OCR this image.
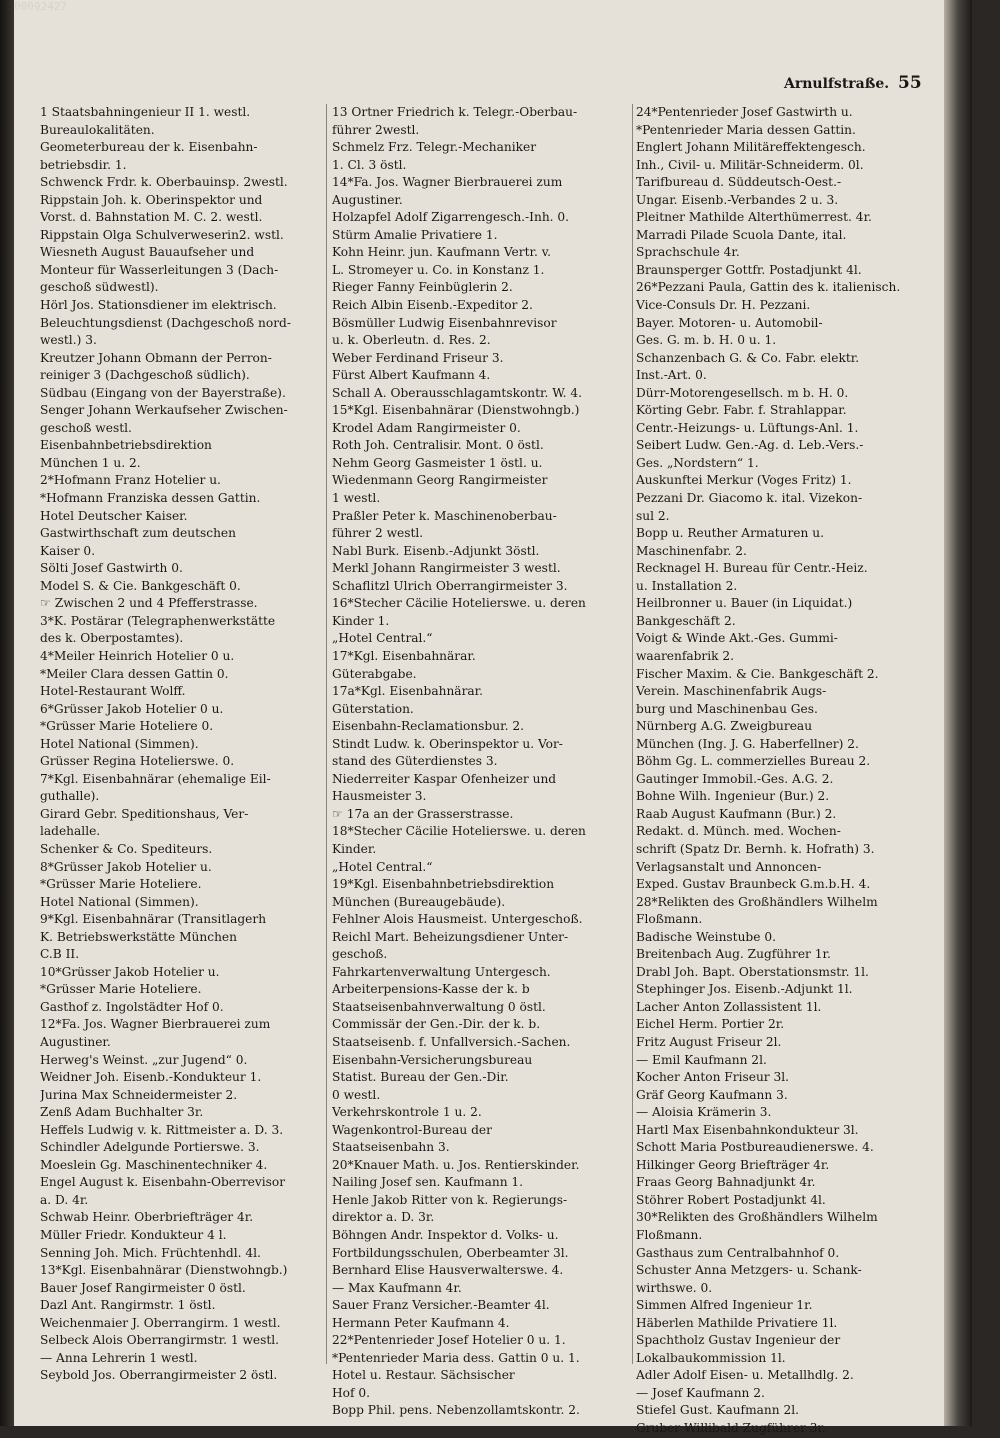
00092427
Arnulfstraße. 55

1 Staatsbahningenieur II 1. westl.

Bureaulokalitäten.

Geometerbureau der k. Eisenbahn-

betriebsdir. 1.

Schwenck Frdr. k. Oberbauinsp. 2westl.

Rippstain Joh. k. Oberinspektor und

Vorst. d. Bahnstation M. C. 2. westl.

Rippstain Olga Schulverweserin2. wstl.

Wiesneth August Bauaufseher und

Monteur für Wasserleitungen 3 (Dach-

geschoß südwestl).

Hörl Jos. Stationsdiener im elektrisch.

Beleuchtungsdienst (Dachgeschoß nord-

westl.) 3.

Kreutzer Johann Obmann der Perron-

reiniger 3 (Dachgeschoß südlich).

Südbau (Eingang von der Bayerstraße).

Senger Johann Werkaufseher Zwischen-

geschoß westl.

Eisenbahnbetriebsdirektion

München 1 u. 2.

2*Hofmann Franz Hotelier u.

*Hofmann Franziska dessen Gattin.

Hotel Deutscher Kaiser.

Gastwirthschaft zum deutschen

Kaiser 0.

Sölti Josef Gastwirth 0.

Model S. & Cie. Bankgeschäft 0.

☞ Zwischen 2 und 4 Pfefferstrasse.

3*K. Postärar (Telegraphenwerkstätte

des k. Oberpostamtes).

4*Meiler Heinrich Hotelier 0 u.

*Meiler Clara dessen Gattin 0.

Hotel-Restaurant Wolff.

6*Grüsser Jakob Hotelier 0 u.

*Grüsser Marie Hoteliere 0.

Hotel National (Simmen).

Grüsser Regina Hotelierswe. 0.

7*Kgl. Eisenbahnärar (ehemalige Eil-

guthalle).

Girard Gebr. Speditionshaus, Ver-

ladehalle.

Schenker & Co. Spediteurs.

8*Grüsser Jakob Hotelier u.

*Grüsser Marie Hoteliere.

Hotel National (Simmen).

9*Kgl. Eisenbahnärar (Transitlagerh

K. Betriebswerkstätte München

C.B II.

10*Grüsser Jakob Hotelier u.

*Grüsser Marie Hoteliere.

Gasthof z. Ingolstädter Hof 0.

12*Fa. Jos. Wagner Bierbrauerei zum

Augustiner.

Herweg's Weinst. „zur Jugend“ 0.

Weidner Joh. Eisenb.-Kondukteur 1.

Jurina Max Schneidermeister 2.

Zenß Adam Buchhalter 3r.

Heffels Ludwig v. k. Rittmeister a. D. 3.

Schindler Adelgunde Portierswe. 3.

Moeslein Gg. Maschinentechniker 4.

Engel August k. Eisenbahn-Oberrevisor

a. D. 4r.

Schwab Heinr. Oberbriefträger 4r.

Müller Friedr. Kondukteur 4 l.

Senning Joh. Mich. Früchtenhdl. 4l.

13*Kgl. Eisenbahnärar (Dienstwohngb.)

Bauer Josef Rangirmeister 0 östl.

Dazl Ant. Rangirmstr. 1 östl.

Weichenmaier J. Oberrangirm. 1 westl.

Selbeck Alois Oberrangirmstr. 1 westl.

— Anna Lehrerin 1 westl.

Seybold Jos. Oberrangirmeister 2 östl.

13 Ortner Friedrich k. Telegr.-Oberbau-

führer 2westl.

Schmelz Frz. Telegr.-Mechaniker

1. Cl. 3 östl.

14*Fa. Jos. Wagner Bierbrauerei zum

Augustiner.

Holzapfel Adolf Zigarrengesch.-Inh. 0.

Stürm Amalie Privatiere 1.

Kohn Heinr. jun. Kaufmann Vertr. v.

L. Stromeyer u. Co. in Konstanz 1.

Rieger Fanny Feinbüglerin 2.

Reich Albin Eisenb.-Expeditor 2.

Bösmüller Ludwig Eisenbahnrevisor

u. k. Oberleutn. d. Res. 2.

Weber Ferdinand Friseur 3.

Fürst Albert Kaufmann 4.

Schall A. Oberausschlagamtskontr. W. 4.

15*Kgl. Eisenbahnärar (Dienstwohngb.)

Krodel Adam Rangirmeister 0.

Roth Joh. Centralisir. Mont. 0 östl.

Nehm Georg Gasmeister 1 östl. u.

Wiedenmann Georg Rangirmeister

1 westl.

Praßler Peter k. Maschinenoberbau-

führer 2 westl.

Nabl Burk. Eisenb.-Adjunkt 3östl.

Merkl Johann Rangirmeister 3 westl.

Schaflitzl Ulrich Oberrangirmeister 3.

16*Stecher Cäcilie Hotelierswe. u. deren

Kinder 1.

„Hotel Central.“

17*Kgl. Eisenbahnärar.

Güterabgabe.

17a*Kgl. Eisenbahnärar.

Güterstation.

Eisenbahn-Reclamationsbur. 2.

Stindt Ludw. k. Oberinspektor u. Vor-

stand des Güterdienstes 3.

Niederreiter Kaspar Ofenheizer und

Hausmeister 3.

☞ 17a an der Grasserstrasse.

18*Stecher Cäcilie Hotelierswe. u. deren

Kinder.

„Hotel Central.“

19*Kgl. Eisenbahnbetriebsdirektion

München (Bureaugebäude).

Fehlner Alois Hausmeist. Untergeschoß.

Reichl Mart. Beheizungsdiener Unter-

geschoß.

Fahrkartenverwaltung Untergesch.

Arbeiterpensions-Kasse der k. b

Staatseisenbahnverwaltung 0 östl.

Commissär der Gen.-Dir. der k. b.

Staatseisenb. f. Unfallversich.-Sachen.

Eisenbahn-Versicherungsbureau

Statist. Bureau der Gen.-Dir.

0 westl.

Verkehrskontrole 1 u. 2.

Wagenkontrol-Bureau der

Staatseisenbahn 3.

20*Knauer Math. u. Jos. Rentierskinder.

Nailing Josef sen. Kaufmann 1.

Henle Jakob Ritter von k. Regierungs-

direktor a. D. 3r.

Böhngen Andr. Inspektor d. Volks- u.

Fortbildungsschulen, Oberbeamter 3l.

Bernhard Elise Hausverwalterswe. 4.

— Max Kaufmann 4r.

Sauer Franz Versicher.-Beamter 4l.

Hermann Peter Kaufmann 4.

22*Pentenrieder Josef Hotelier 0 u. 1.

*Pentenrieder Maria dess. Gattin 0 u. 1.

Hotel u. Restaur. Sächsischer

Hof 0.

Bopp Phil. pens. Nebenzollamtskontr. 2.

24*Pentenrieder Josef Gastwirth u.

*Pentenrieder Maria dessen Gattin.

Englert Johann Militäreffektengesch.

Inh., Civil- u. Militär-Schneiderm. 0l.

Tarifbureau d. Süddeutsch-Oest.-

Ungar. Eisenb.-Verbandes 2 u. 3.

Pleitner Mathilde Alterthümerrest. 4r.

Marradi Pilade Scuola Dante, ital.

Sprachschule 4r.

Braunsperger Gottfr. Postadjunkt 4l.

26*Pezzani Paula, Gattin des k. italienisch.

Vice-Consuls Dr. H. Pezzani.

Bayer. Motoren- u. Automobil-

Ges. G. m. b. H. 0 u. 1.

Schanzenbach G. & Co. Fabr. elektr.

Inst.-Art. 0.

Dürr-Motorengesellsch. m b. H. 0.

Körting Gebr. Fabr. f. Strahlappar.

Centr.-Heizungs- u. Lüftungs-Anl. 1.

Seibert Ludw. Gen.-Ag. d. Leb.-Vers.-

Ges. „Nordstern“ 1.

Auskunftei Merkur (Voges Fritz) 1.

Pezzani Dr. Giacomo k. ital. Vizekon-

sul 2.

Bopp u. Reuther Armaturen u.

Maschinenfabr. 2.

Recknagel H. Bureau für Centr.-Heiz.

u. Installation 2.

Heilbronner u. Bauer (in Liquidat.)

Bankgeschäft 2.

Voigt & Winde Akt.-Ges. Gummi-

waarenfabrik 2.

Fischer Maxim. & Cie. Bankgeschäft 2.

Verein. Maschinenfabrik Augs-

burg und Maschinenbau Ges.

Nürnberg A.G. Zweigbureau

München (Ing. J. G. Haberfellner) 2.

Böhm Gg. L. commerzielles Bureau 2.

Gautinger Immobil.-Ges. A.G. 2.

Bohne Wilh. Ingenieur (Bur.) 2.

Raab August Kaufmann (Bur.) 2.

Redakt. d. Münch. med. Wochen-

schrift (Spatz Dr. Bernh. k. Hofrath) 3.

Verlagsanstalt und Annoncen-

Exped. Gustav Braunbeck G.m.b.H. 4.

28*Relikten des Großhändlers Wilhelm

Floßmann.

Badische Weinstube 0.

Breitenbach Aug. Zugführer 1r.

Drabl Joh. Bapt. Oberstationsmstr. 1l.

Stephinger Jos. Eisenb.-Adjunkt 1l.

Lacher Anton Zollassistent 1l.

Eichel Herm. Portier 2r.

Fritz August Friseur 2l.

— Emil Kaufmann 2l.

Kocher Anton Friseur 3l.

Gräf Georg Kaufmann 3.

— Aloisia Krämerin 3.

Hartl Max Eisenbahnkondukteur 3l.

Schott Maria Postbureaudienerswe. 4.

Hilkinger Georg Briefträger 4r.

Fraas Georg Bahnadjunkt 4r.

Stöhrer Robert Postadjunkt 4l.

30*Relikten des Großhändlers Wilhelm

Floßmann.

Gasthaus zum Centralbahnhof 0.

Schuster Anna Metzgers- u. Schank-

wirthswe. 0.

Simmen Alfred Ingenieur 1r.

Häberlen Mathilde Privatiere 1l.

Spachtholz Gustav Ingenieur der

Lokalbaukommission 1l.

Adler Adolf Eisen- u. Metallhdlg. 2.

— Josef Kaufmann 2.

Stiefel Gust. Kaufmann 2l.

Gruber Willibald Zugführer 3r.
